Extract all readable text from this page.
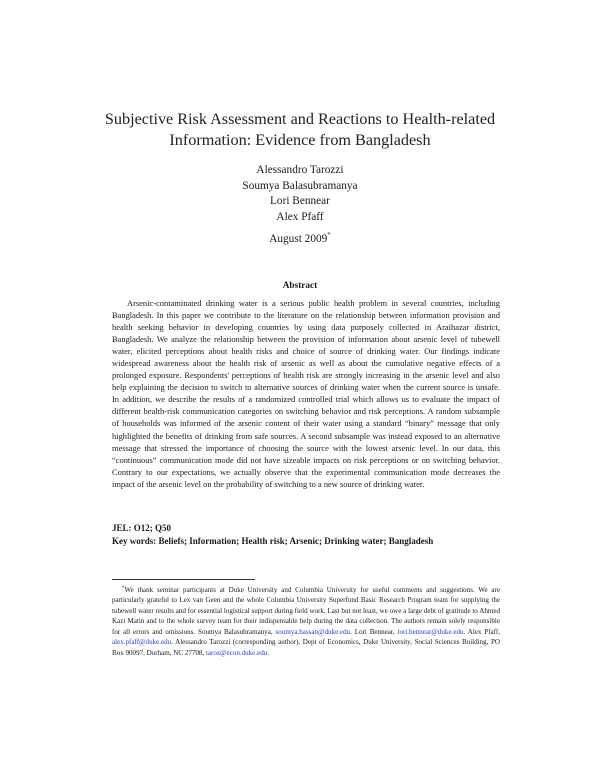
Subjective Risk Assessment and Reactions to Health-related Information: Evidence from Bangladesh
Alessandro Tarozzi
Soumya Balasubramanya
Lori Bennear
Alex Pfaff
August 2009*
Abstract

Arsenic-contaminated drinking water is a serious public health problem in several countries, including Bangladesh. In this paper we contribute to the literature on the relationship between information provision and health seeking behavior in developing countries by using data purposely collected in Araihazar district, Bangladesh. We analyze the relationship between the provision of information about arsenic level of tubewell water, elicited perceptions about health risks and choice of source of drinking water. Our findings indicate widespread awareness about the health risk of arsenic as well as about the cumulative negative effects of a prolonged exposure. Respondents' perceptions of health risk are strongly increasing in the arsenic level and also help explaining the decision to switch to alternative sources of drinking water when the current source is unsafe. In addition, we describe the results of a randomized controlled trial which allows us to evaluate the impact of different health-risk communication categories on switching behavior and risk perceptions. A random subsample of households was informed of the arsenic content of their water using a standard “binary” message that only highlighted the benefits of drinking from safe sources. A second subsample was instead exposed to an alternative message that stressed the importance of choosing the source with the lowest arsenic level. In our data, this “continuous” communication mode did not have sizeable impacts on risk perceptions or on switching behavior. Contrary to our expectations, we actually observe that the experimental communication mode decreases the impact of the arsenic level on the probability of switching to a new source of drinking water.

JEL: O12; Q50
Key words: Beliefs; Information; Health risk; Arsenic; Drinking water; Bangladesh

*We thank seminar participants at Duke University and Columbia University for useful comments and suggestions. We are particularly grateful to Lex van Geen and the whole Columbia University Superfund Basic Research Program team for supplying the tubewell water results and for essential logistical support during field work. Last but not least, we owe a large debt of gratitude to Ahmed Kazi Matin and to the whole survey team for their indispensable help during the data collection. The authors remain solely responsible for all errors and omissions. Soumya Balasubramanya, soumya.hassan@duke.edu. Lori Bennear, lori.bennear@duke.edu. Alex Pfaff, alex.pfaff@duke.edu. Alessandro Tarozzi (corresponding author), Dept of Economics, Duke University, Social Sciences Building, PO Box 90097, Durham, NC 27708, taroz@econ.duke.edu.
